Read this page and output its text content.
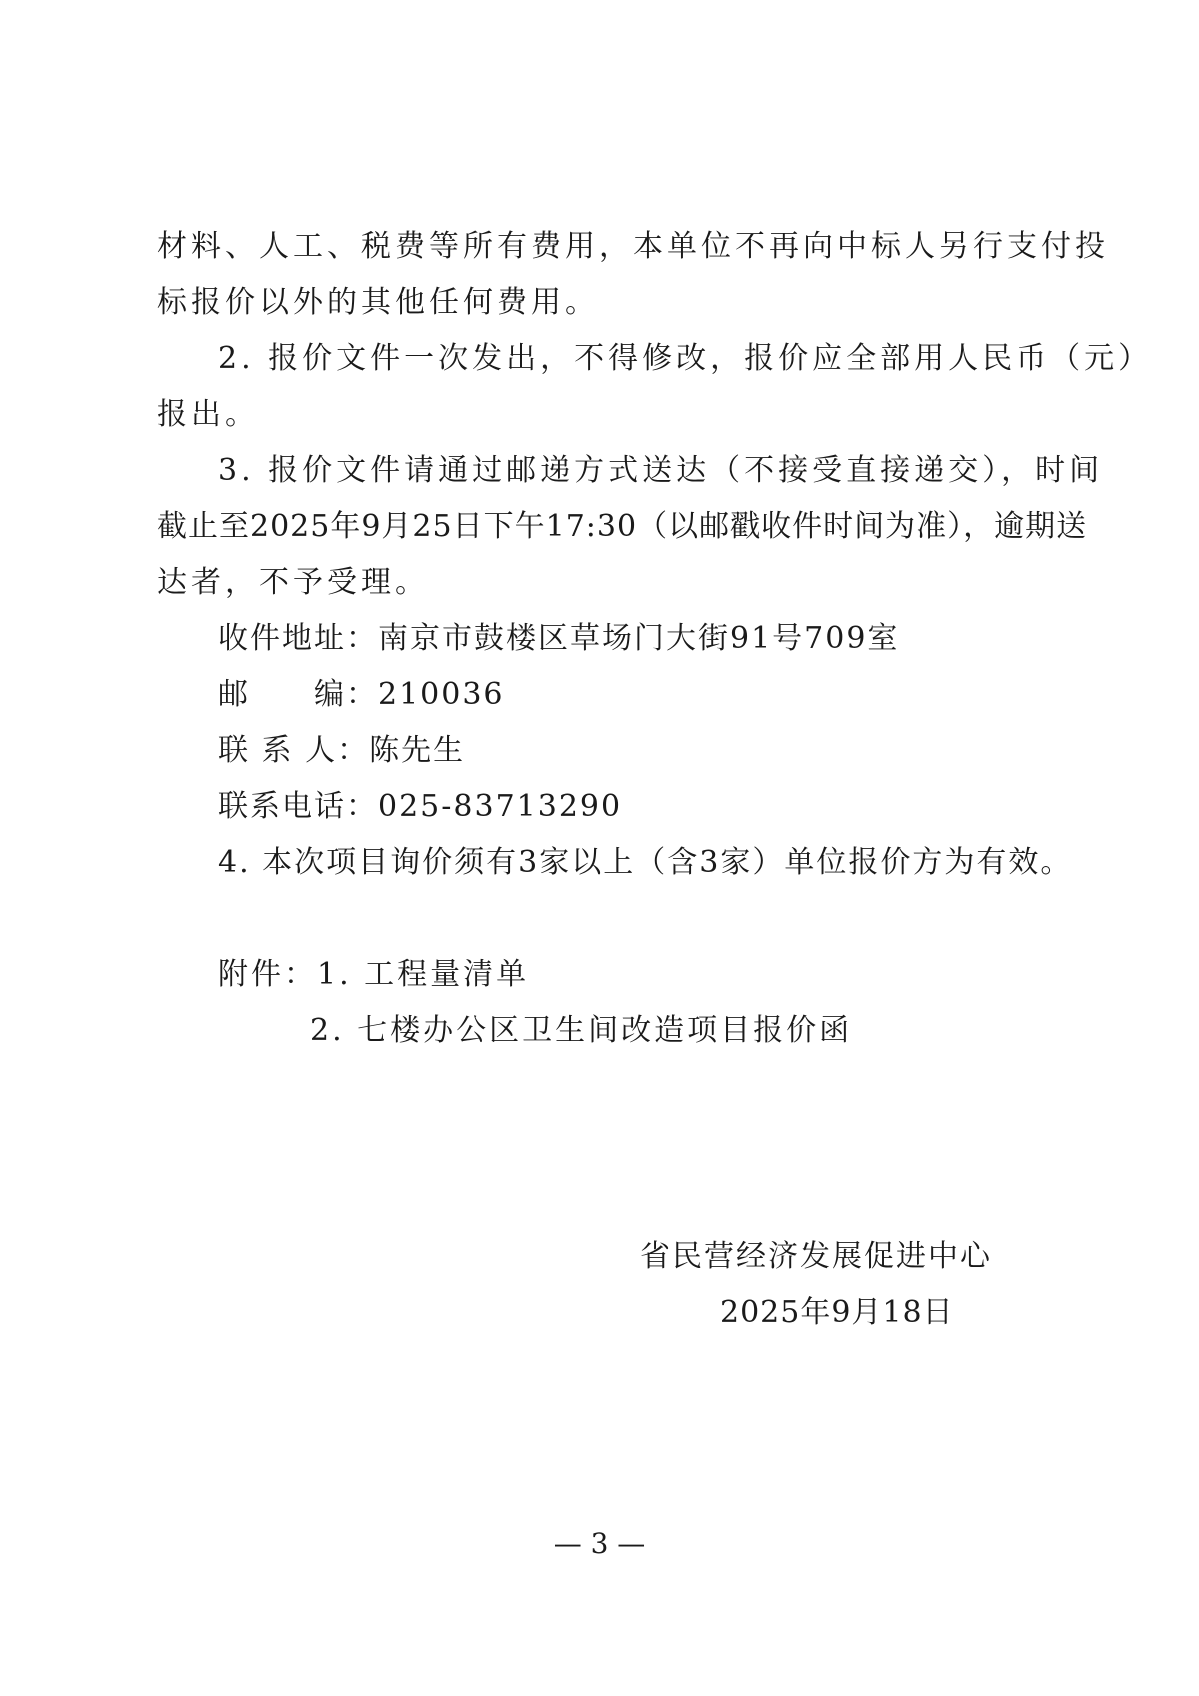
材料、人工、税费等所有费用，本单位不再向中标人另行支付投
标报价以外的其他任何费用。
2. 报价文件一次发出，不得修改，报价应全部用人民币（元）
报出。
3. 报价文件请通过邮递方式送达（不接受直接递交），时间
截止至2025年9月25日下午17:30（以邮戳收件时间为准），逾期送
达者，不予受理。
收件地址：南京市鼓楼区草场门大街91号709室
邮　　编：210036
联 系 人：陈先生
联系电话：025-83713290
4. 本次项目询价须有3家以上（含3家）单位报价方为有效。
附件：1. 工程量清单
2. 七楼办公区卫生间改造项目报价函
省民营经济发展促进中心
2025年9月18日
— 3 —
